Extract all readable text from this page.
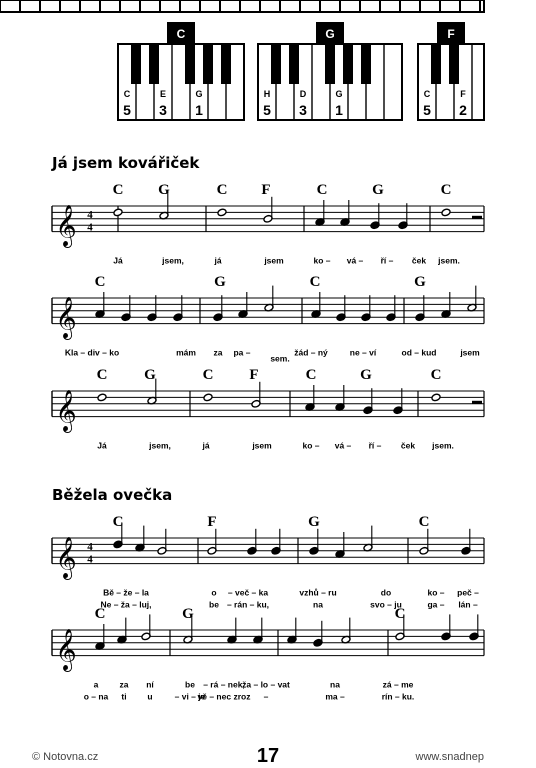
C
C
5
E
3
G
1
G
H
5
D
3
G
1
F
C
5
F
2
Já jsem kovářiček
Běžela ovečka
𝄞 4
4
C G	C F	C	G	C
Já	jsem,	já	jsem	ko – vá – ří – ček jsem.
𝄞
C	G	C	G
Kla – div – ko	mám za pa –
sem.
žád – ný	ne – ví	od – kud	jsem
𝄞
C G	C F	C	G	C
Já	jsem,	já	jsem	ko – vá – ří – ček jsem.
𝄞 4
4
C	F	G	C
Bě – že – la	o – več – ka	vzhů – ru	do	ko – peč –
Ne – ža – luj,	be – rán – ku,	na	svo – ju	ga – lán –
𝄞
C	G	C
a za ní	be – rá – nek,
ža – lo – vat	na	zá – me
o – na ti u	– vi – je
vě – nec zroz –	ma –	rín – ku.
© Notovna.cz	17	www.snadnep
